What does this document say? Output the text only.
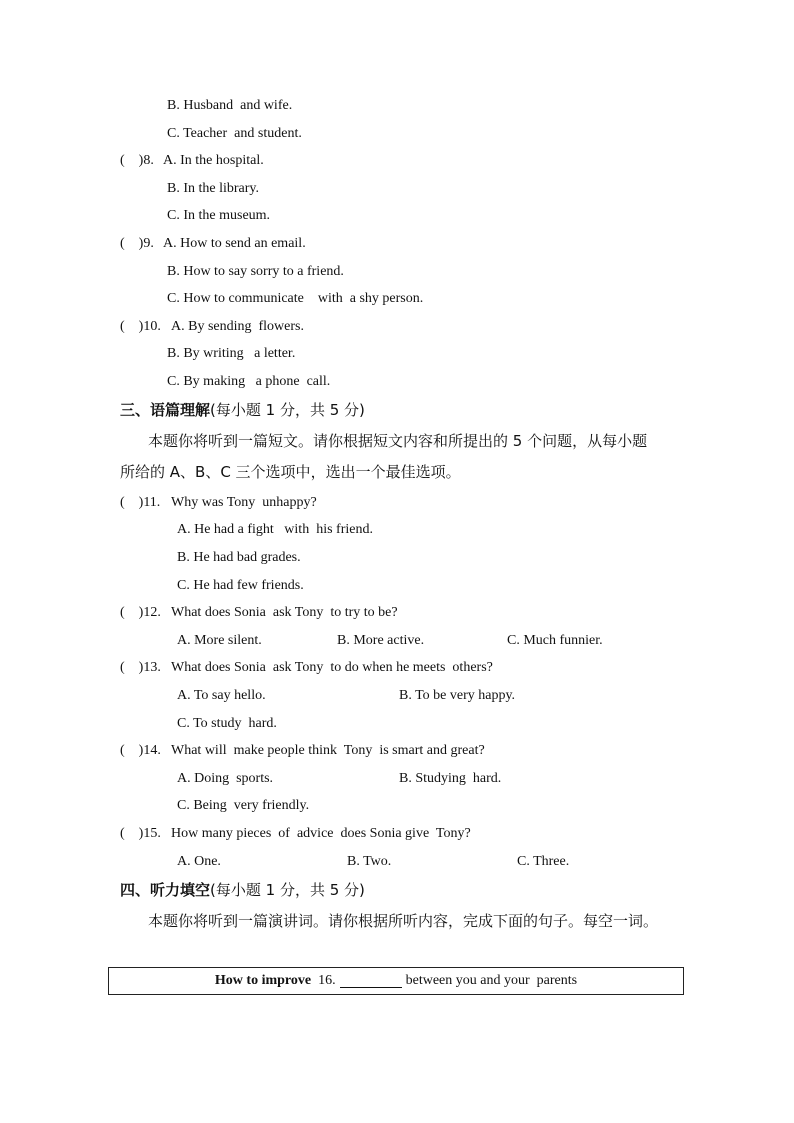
B. Husband  and wife.
C. Teacher  and student.
(    )8. A. In the hospital.
B. In the library.
C. In the museum.
(    )9. A. How to send an email.
B. How to say sorry to a friend.
C. How to communicate    with  a shy person.
(    )10. A. By sending  flowers.
B. By writing   a letter.
C. By making   a phone  call.
三、语篇理解(每小题 1 分，共 5 分)
本题你将听到一篇短文。请你根据短文内容和所提出的 5 个问题，从每小题
所给的 A、B、C 三个选项中，选出一个最佳选项。
(    )11. Why was Tony  unhappy?
A. He had a fight   with  his friend.
B. He had bad grades.
C. He had few friends.
(    )12. What does Sonia  ask Tony  to try to be?
A. More silent.	B. More active.	C. Much funnier.
(    )13. What does Sonia  ask Tony  to do when he meets  others?
A. To say hello.	B. To be very happy.
C. To study  hard.
(    )14. What will  make people think  Tony  is smart and great?
A. Doing  sports.	B. Studying  hard.
C. Being  very friendly.
(    )15. How many pieces  of  advice  does Sonia give  Tony?
A. One.	B. Two.	C. Three.
四、听力填空(每小题 1 分，共 5 分)
本题你将听到一篇演讲词。请你根据所听内容，完成下面的句子。每空一词。
How to improve
16.	between you and your  parents
